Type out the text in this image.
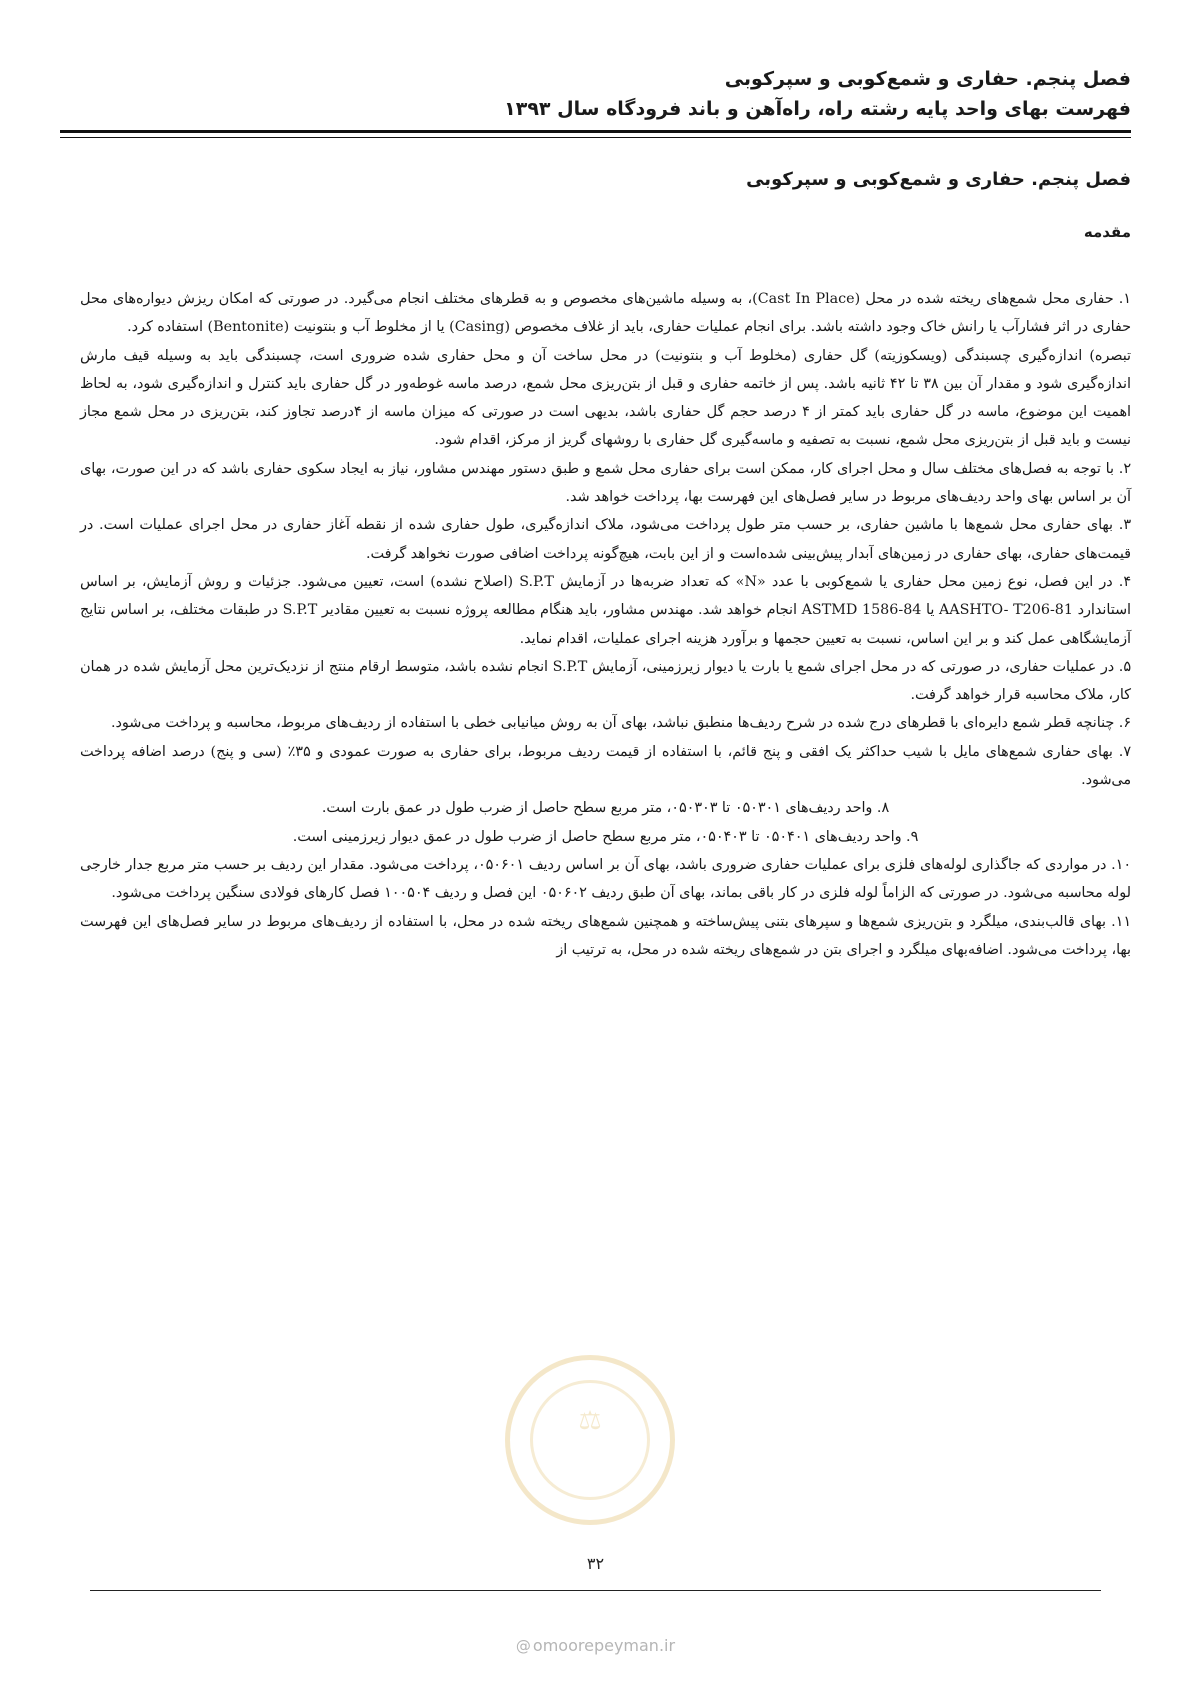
فصل پنجم. حفاری و شمع‌کوبی و سپرکوبی
فهرست بهای واحد پایه رشته راه، راه‌آهن و باند فرودگاه سال ۱۳۹۳
فصل پنجم. حفاری و شمع‌کوبی و سپرکوبی
مقدمه

۱. حفاری محل شمع‌های ریخته شده در محل (Cast In Place)، به وسیله ماشین‌های مخصوص و به قطرهای مختلف انجام می‌گیرد. در صورتی که امکان ریزش دیواره‌های محل حفاری در اثر فشارآب یا رانش خاک وجود داشته باشد. برای انجام عملیات حفاری، باید از غلاف مخصوص (Casing) یا از مخلوط آب و بنتونیت (Bentonite) استفاده کرد.

تبصره) اندازه‌گیری چسبندگی (ویسکوزیته) گل حفاری (مخلوط آب و بنتونیت) در محل ساخت آن و محل حفاری شده ضروری است، چسبندگی باید به وسیله قیف مارش اندازه‌گیری شود و مقدار آن بین ۳۸ تا ۴۲ ثانیه باشد. پس از خاتمه حفاری و قبل از بتن‌ریزی محل شمع، درصد ماسه غوطه‌ور در گل حفاری باید کنترل و اندازه‌گیری شود، به لحاظ اهمیت این موضوع، ماسه در گل حفاری باید کمتر از ۴ درصد حجم گل حفاری باشد، بدیهی است در صورتی که میزان ماسه از ۴درصد تجاوز کند، بتن‌ریزی در محل شمع مجاز نیست و باید قبل از بتن‌ریزی محل شمع، نسبت به تصفیه و ماسه‌گیری گل حفاری با روشهای گریز از مرکز، اقدام شود.

۲. با توجه به فصل‌های مختلف سال و محل اجرای کار، ممکن است برای حفاری محل شمع و طبق دستور مهندس مشاور، نیاز به ایجاد سکوی حفاری باشد که در این صورت، بهای آن بر اساس بهای واحد ردیف‌های مربوط در سایر فصل‌های این فهرست بها، پرداخت خواهد شد.

۳. بهای حفاری محل شمع‌ها با ماشین حفاری، بر حسب متر طول پرداخت می‌شود، ملاک اندازه‌گیری، طول حفاری شده از نقطه آغاز حفاری در محل اجرای عملیات است. در قیمت‌های حفاری، بهای حفاری در زمین‌های آبدار پیش‌بینی شده‌است و از این بابت، هیچ‌گونه پرداخت اضافی صورت نخواهد گرفت.

۴. در این فصل، نوع زمین محل حفاری یا شمع‌کوبی با عدد «N» که تعداد ضربه‌ها در آزمایش S.P.T (اصلاح نشده) است، تعیین می‌شود. جزئیات و روش آزمایش، بر اساس استاندارد AASHTO- T206-81 یا ASTMD 1586-84 انجام خواهد شد. مهندس مشاور، باید هنگام مطالعه پروژه نسبت به تعیین مقادیر S.P.T در طبقات مختلف، بر اساس نتایج آزمایشگاهی عمل کند و بر این اساس، نسبت به تعیین حجمها و برآورد هزینه اجرای عملیات، اقدام نماید.

۵. در عملیات حفاری، در صورتی که در محل اجرای شمع یا بارت یا دیوار زیرزمینی، آزمایش S.P.T انجام نشده باشد، متوسط ارقام منتج از نزدیک‌ترین محل آزمایش شده در همان کار، ملاک محاسبه قرار خواهد گرفت.

۶. چنانچه قطر شمع دایره‌ای با قطرهای درج شده در شرح ردیف‌ها منطبق نباشد، بهای آن به روش میانیابی خطی با استفاده از ردیف‌های مربوط، محاسبه و پرداخت می‌شود.

۷. بهای حفاری شمع‌های مایل با شیب حداکثر یک افقی و پنج قائم، با استفاده از قیمت ردیف مربوط، برای حفاری به صورت عمودی و ۳۵٪ (سی و پنج) درصد اضافه پرداخت می‌شود.

۸. واحد ردیف‌های ۰۵۰۳۰۱ تا ۰۵۰۳۰۳، متر مربع سطح حاصل از ضرب طول در عمق بارت است.

۹. واحد ردیف‌های ۰۵۰۴۰۱ تا ۰۵۰۴۰۳، متر مربع سطح حاصل از ضرب طول در عمق دیوار زیرزمینی است.

۱۰. در مواردی که جاگذاری لوله‌های فلزی برای عملیات حفاری ضروری باشد، بهای آن بر اساس ردیف ۰۵۰۶۰۱، پرداخت می‌شود. مقدار این ردیف بر حسب متر مربع جدار خارجی لوله محاسبه می‌شود. در صورتی که الزاماً لوله فلزی در کار باقی بماند، بهای آن طبق ردیف ۰۵۰۶۰۲ این فصل و ردیف ۱۰۰۵۰۴ فصل کارهای فولادی سنگین پرداخت می‌شود.

۱۱. بهای قالب‌بندی، میلگرد و بتن‌ریزی شمع‌ها و سپرهای بتنی پیش‌ساخته و همچنین شمع‌های ریخته شده در محل، با استفاده از ردیف‌های مربوط در سایر فصل‌های این فهرست بها، پرداخت می‌شود. اضافه‌بهای میلگرد و اجرای بتن در شمع‌های ریخته شده در محل، به ترتیب از

⚖
۳۲
@ omoorepeyman.ir
